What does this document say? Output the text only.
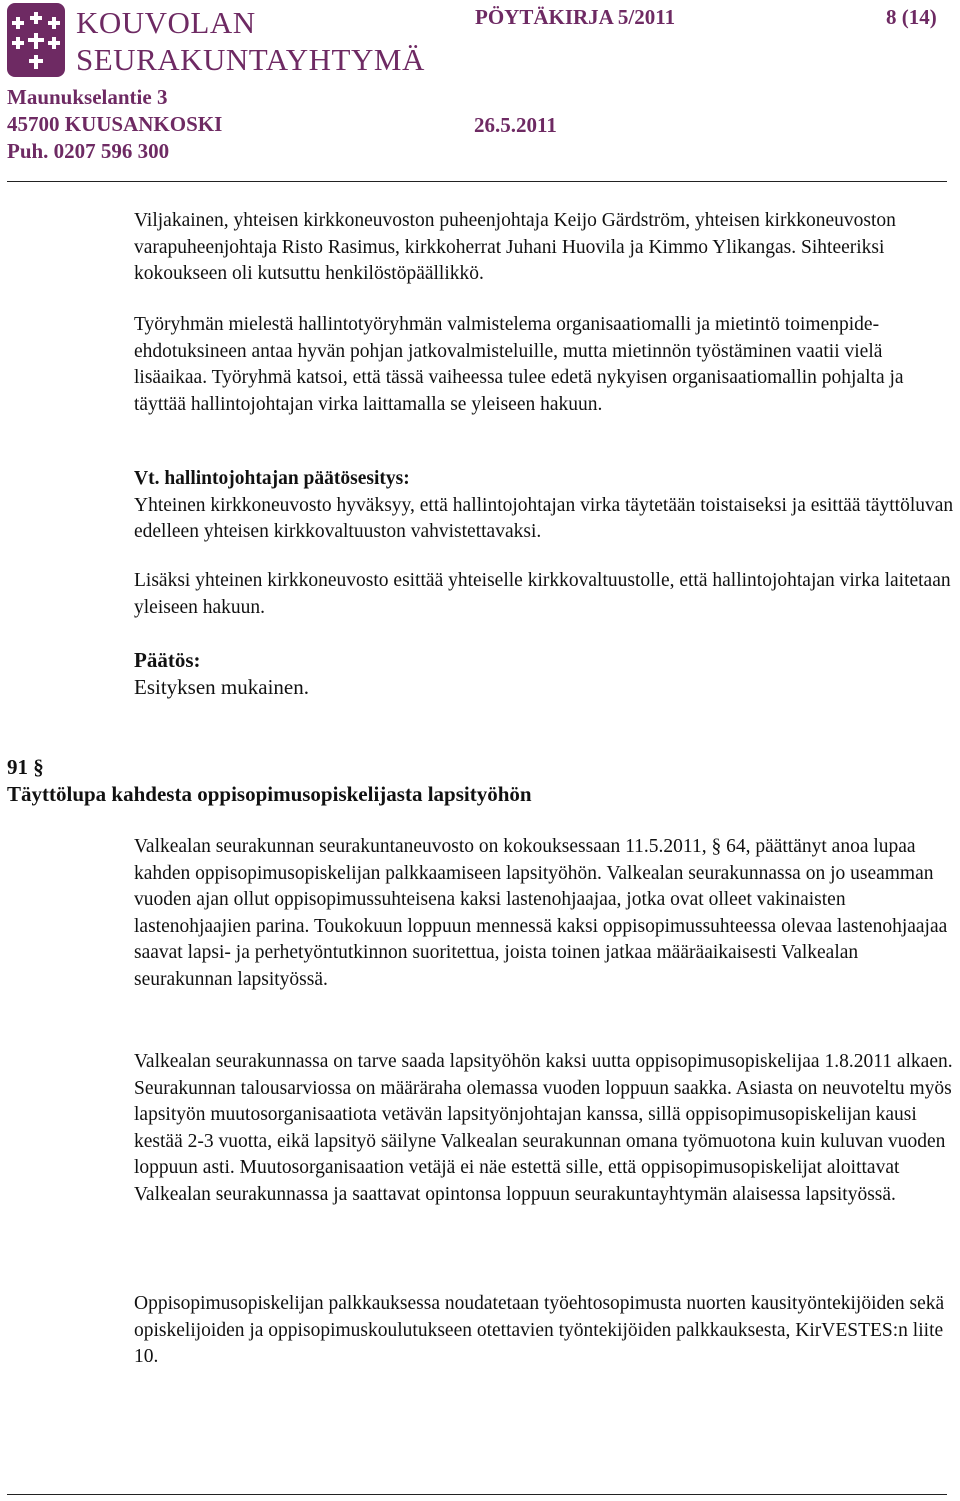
KOUVOLAN
SEURAKUNTAYHTYMÄ
PÖYTÄKIRJA 5/2011	8 (14)
Maunukselantie 3
45700 KUUSANKOSKI	26.5.2011
Puh. 0207 596 300

Viljakainen, yhteisen kirkkoneuvoston puheenjohtaja Keijo Gärdström, yhteisen kirkkoneuvoston varapuheenjohtaja Risto Rasimus, kirkkoherrat Juhani Huovila ja Kimmo Ylikangas. Sihteeriksi kokoukseen oli kutsuttu henkilöstöpäällikkö.

Työryhmän mielestä hallintotyöryhmän valmistelema organisaatiomalli ja mietintö toimenpide-ehdotuksineen antaa hyvän pohjan jatkovalmisteluille, mutta mietinnön työstäminen vaatii vielä lisäaikaa. Työryhmä katsoi, että tässä vaiheessa tulee edetä nykyisen organisaatiomallin pohjalta ja täyttää hallintojohtajan virka laittamalla se yleiseen hakuun.

Vt. hallintojohtajan päätösesitys:
Yhteinen kirkkoneuvosto hyväksyy, että hallintojohtajan virka täytetään toistaiseksi ja esittää täyttöluvan edelleen yhteisen kirkkovaltuuston vahvistettavaksi.

Lisäksi yhteinen kirkkoneuvosto esittää yhteiselle kirkkovaltuustolle, että hallintojohtajan virka laitetaan yleiseen hakuun.

Päätös:
Esityksen mukainen.
91 §
Täyttölupa kahdesta oppisopimusopiskelijasta lapsityöhön

Valkealan seurakunnan seurakuntaneuvosto on kokouksessaan 11.5.2011, § 64, päättänyt anoa lupaa kahden oppisopimusopiskelijan palkkaamiseen lapsityöhön. Valkealan seurakunnassa on jo useamman vuoden ajan ollut oppisopimussuhteisena kaksi lastenohjaajaa, jotka ovat olleet vakinaisten lastenohjaajien parina. Toukokuun loppuun mennessä kaksi oppisopimussuhteessa olevaa lastenohjaajaa saavat lapsi- ja perhetyöntutkinnon suoritettua, joista toinen jatkaa määräaikaisesti Valkealan seurakunnan lapsityössä.

Valkealan seurakunnassa on tarve saada lapsityöhön kaksi uutta oppisopimusopiskelijaa 1.8.2011 alkaen. Seurakunnan talousarviossa on määräraha olemassa vuoden loppuun saakka. Asiasta on neuvoteltu myös lapsityön muutosorganisaatiota vetävän lapsityönjohtajan kanssa, sillä oppisopimusopiskelijan kausi kestää 2-3 vuotta, eikä lapsityö säilyne Valkealan seurakunnan omana työmuotona kuin kuluvan vuoden loppuun asti. Muutosorganisaation vetäjä ei näe estettä sille, että oppisopimusopiskelijat aloittavat Valkealan seurakunnassa ja saattavat opintonsa loppuun seurakuntayhtymän alaisessa lapsityössä.

Oppisopimusopiskelijan palkkauksessa noudatetaan työehtosopimusta nuorten kausityöntekijöiden sekä opiskelijoiden ja oppisopimuskoulutukseen otettavien työntekijöiden palkkauksesta, KirVESTES:n liite 10.
